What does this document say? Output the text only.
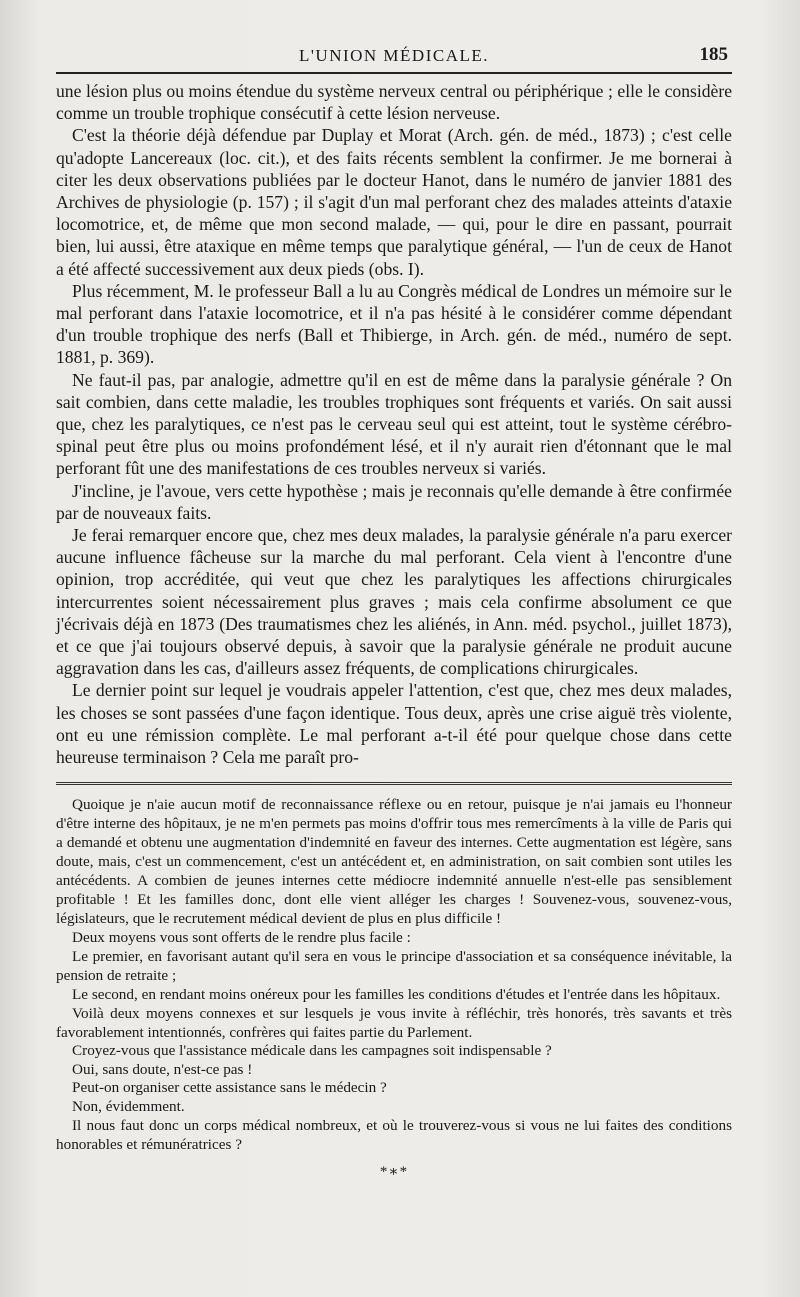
L'UNION MÉDICALE.	185

une lésion plus ou moins étendue du système nerveux central ou périphérique ; elle le considère comme un trouble trophique consécutif à cette lésion nerveuse.

C'est la théorie déjà défendue par Duplay et Morat (Arch. gén. de méd., 1873) ; c'est celle qu'adopte Lancereaux (loc. cit.), et des faits récents semblent la confirmer. Je me bornerai à citer les deux observations publiées par le docteur Hanot, dans le numéro de janvier 1881 des Archives de physiologie (p. 157) ; il s'agit d'un mal perforant chez des malades atteints d'ataxie locomotrice, et, de même que mon second malade, — qui, pour le dire en passant, pourrait bien, lui aussi, être ataxique en même temps que paralytique général, — l'un de ceux de Hanot a été affecté successivement aux deux pieds (obs. I).

Plus récemment, M. le professeur Ball a lu au Congrès médical de Londres un mémoire sur le mal perforant dans l'ataxie locomotrice, et il n'a pas hésité à le considérer comme dépendant d'un trouble trophique des nerfs (Ball et Thibierge, in Arch. gén. de méd., numéro de sept. 1881, p. 369).

Ne faut-il pas, par analogie, admettre qu'il en est de même dans la paralysie générale ? On sait combien, dans cette maladie, les troubles trophiques sont fréquents et variés. On sait aussi que, chez les paralytiques, ce n'est pas le cerveau seul qui est atteint, tout le système cérébro-spinal peut être plus ou moins profondément lésé, et il n'y aurait rien d'étonnant que le mal perforant fût une des manifestations de ces troubles nerveux si variés.

J'incline, je l'avoue, vers cette hypothèse ; mais je reconnais qu'elle demande à être confirmée par de nouveaux faits.

Je ferai remarquer encore que, chez mes deux malades, la paralysie générale n'a paru exercer aucune influence fâcheuse sur la marche du mal perforant. Cela vient à l'encontre d'une opinion, trop accréditée, qui veut que chez les paralytiques les affections chirurgicales intercurrentes soient nécessairement plus graves ; mais cela confirme absolument ce que j'écrivais déjà en 1873 (Des traumatismes chez les aliénés, in Ann. méd. psychol., juillet 1873), et ce que j'ai toujours observé depuis, à savoir que la paralysie générale ne produit aucune aggravation dans les cas, d'ailleurs assez fréquents, de complications chirurgicales.

Le dernier point sur lequel je voudrais appeler l'attention, c'est que, chez mes deux malades, les choses se sont passées d'une façon identique. Tous deux, après une crise aiguë très violente, ont eu une rémission complète. Le mal perforant a-t-il été pour quelque chose dans cette heureuse terminaison ? Cela me paraît pro-

Quoique je n'aie aucun motif de reconnaissance réflexe ou en retour, puisque je n'ai jamais eu l'honneur d'être interne des hôpitaux, je ne m'en permets pas moins d'offrir tous mes remercîments à la ville de Paris qui a demandé et obtenu une augmentation d'indemnité en faveur des internes. Cette augmentation est légère, sans doute, mais, c'est un commencement, c'est un antécédent et, en administration, on sait combien sont utiles les antécédents. A combien de jeunes internes cette médiocre indemnité annuelle n'est-elle pas sensiblement profitable ! Et les familles donc, dont elle vient alléger les charges ! Souvenez-vous, souvenez-vous, législateurs, que le recrutement médical devient de plus en plus difficile !

Deux moyens vous sont offerts de le rendre plus facile :

Le premier, en favorisant autant qu'il sera en vous le principe d'association et sa conséquence inévitable, la pension de retraite ;

Le second, en rendant moins onéreux pour les familles les conditions d'études et l'entrée dans les hôpitaux.

Voilà deux moyens connexes et sur lesquels je vous invite à réfléchir, très honorés, très savants et très favorablement intentionnés, confrères qui faites partie du Parlement.

Croyez-vous que l'assistance médicale dans les campagnes soit indispensable ?

Oui, sans doute, n'est-ce pas !

Peut-on organiser cette assistance sans le médecin ?

Non, évidemment.

Il nous faut donc un corps médical nombreux, et où le trouverez-vous si vous ne lui faites des conditions honorables et rémunératrices ?

*∗*
